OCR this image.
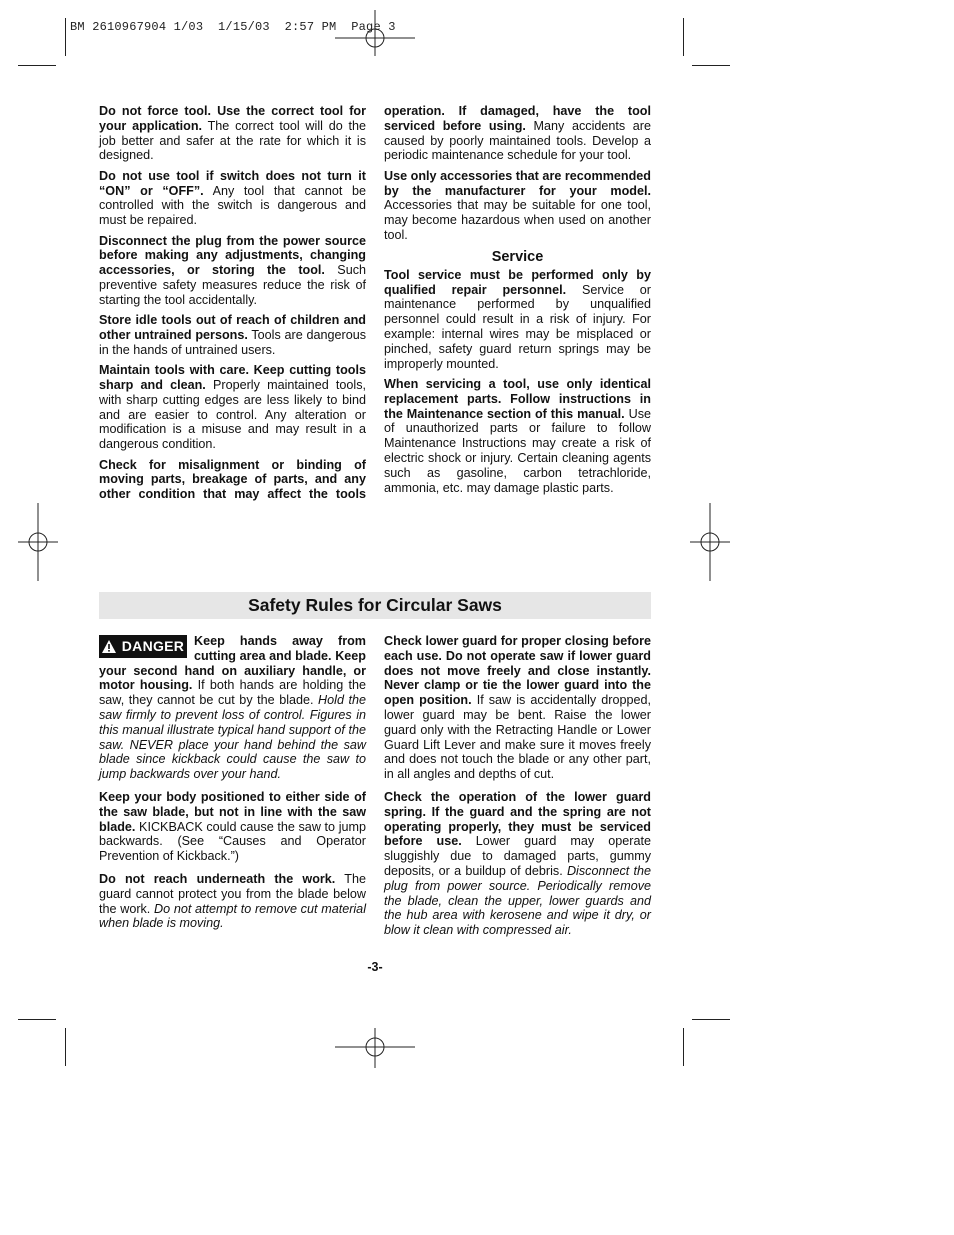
BM 2610967904 1/03  1/15/03  2:57 PM  Page 3

Do not force tool. Use the correct tool for your application. The correct tool will do the job better and safer at the rate for which it is designed.

Do not use tool if switch does not turn it “ON” or “OFF”. Any tool that cannot be controlled with the switch is dangerous and must be repaired.

Disconnect the plug from the power source before making any adjustments, changing accessories, or storing the tool. Such preventive safety measures reduce the risk of starting the tool accidentally.

Store idle tools out of reach of children and other untrained persons. Tools are dangerous in the hands of untrained users.

Maintain tools with care. Keep cutting tools sharp and clean. Properly maintained tools, with sharp cutting edges are less likely to bind and are easier to control. Any alteration or modification is a misuse and may result in a dangerous condition.

Check for misalignment or binding of moving parts, breakage of parts, and any other condition that may affect the tools

operation. If damaged, have the tool serviced before using. Many accidents are caused by poorly maintained tools. Develop a periodic maintenance schedule for your tool.

Use only accessories that are recommended by the manufacturer for your model. Accessories that may be suitable for one tool, may become hazardous when used on another tool.

Service

Tool service must be performed only by qualified repair personnel. Service or maintenance performed by unqualified personnel could result in a risk of injury. For example: internal wires may be misplaced or pinched, safety guard return springs may be improperly mounted.

When servicing a tool, use only identical replacement parts. Follow instructions in the Maintenance section of this manual. Use of unauthorized parts or failure to follow Maintenance Instructions may create a risk of electric shock or injury. Certain cleaning agents such as gasoline, carbon tetrachloride, ammonia, etc. may damage plastic parts.

Safety Rules for Circular Saws

DANGER Keep hands away from cutting area and blade. Keep your second hand on auxiliary handle, or motor housing. If both hands are holding the saw, they cannot be cut by the blade. Hold the saw firmly to prevent loss of control. Figures in this manual illustrate typical hand support of the saw. NEVER place your hand behind the saw blade since kickback could cause the saw to jump backwards over your hand.

Keep your body positioned to either side of the saw blade, but not in line with the saw blade. KICKBACK could cause the saw to jump backwards. (See “Causes and Operator Prevention of Kickback.”)

Do not reach underneath the work. The guard cannot protect you from the blade below the work. Do not attempt to remove cut material when blade is moving.

Check lower guard for proper closing before each use. Do not operate saw if lower guard does not move freely and close instantly. Never clamp or tie the lower guard into the open position. If saw is accidentally dropped, lower guard may be bent. Raise the lower guard only with the Retracting Handle or Lower Guard Lift Lever and make sure it moves freely and does not touch the blade or any other part, in all angles and depths of cut.

Check the operation of the lower guard spring. If the guard and the spring are not operating properly, they must be serviced before use. Lower guard may operate sluggishly due to damaged parts, gummy deposits, or a buildup of debris. Disconnect the plug from power source. Periodically remove the blade, clean the upper, lower guards and the hub area with kerosene and wipe it dry, or blow it clean with compressed air.

-3-
